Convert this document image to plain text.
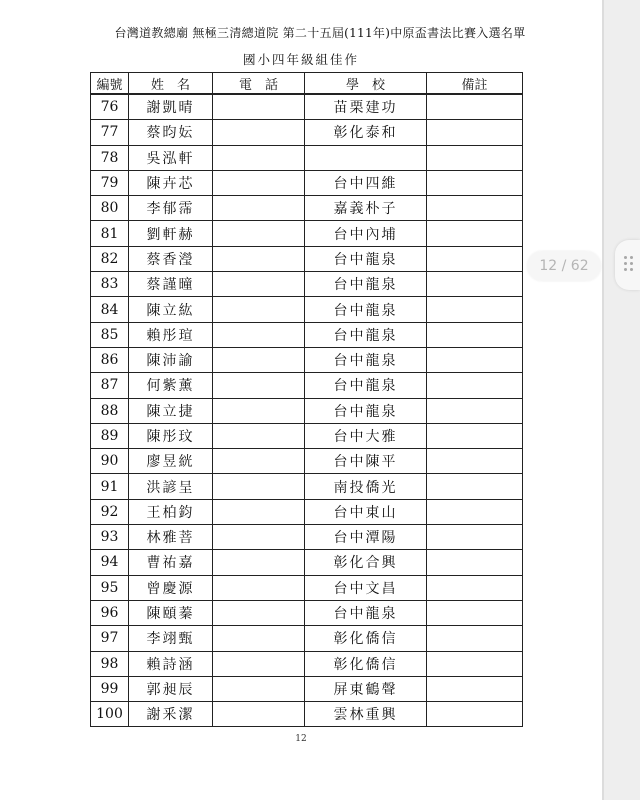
台灣道教總廟 無極三清總道院 第二十五屆(111年)中原盃書法比賽入選名單
國小四年級組佳作
編號	姓　名	電　話	學　校	備註
76	謝凱晴		苗栗建功	
77	蔡昀妘		彰化泰和	
78	吳泓軒			
79	陳卉芯		台中四維	
80	李郁霈		嘉義朴子	
81	劉軒赫		台中內埔	
82	蔡香瀅		台中龍泉	
83	蔡謹曈		台中龍泉	
84	陳立紘		台中龍泉	
85	賴彤瑄		台中龍泉	
86	陳沛諭		台中龍泉	
87	何紫薰		台中龍泉	
88	陳立捷		台中龍泉	
89	陳彤玟		台中大雅	
90	廖昱絖		台中陳平	
91	洪諺呈		南投僑光	
92	王柏鈞		台中東山	
93	林雅菩		台中潭陽	
94	曹祐嘉		彰化合興	
95	曾慶源		台中文昌	
96	陳頤蓁		台中龍泉	
97	李翊甄		彰化僑信	
98	賴詩涵		彰化僑信	
99	郭昶辰		屏東鶴聲	
100	謝釆潔		雲林重興	
12
12 / 62
